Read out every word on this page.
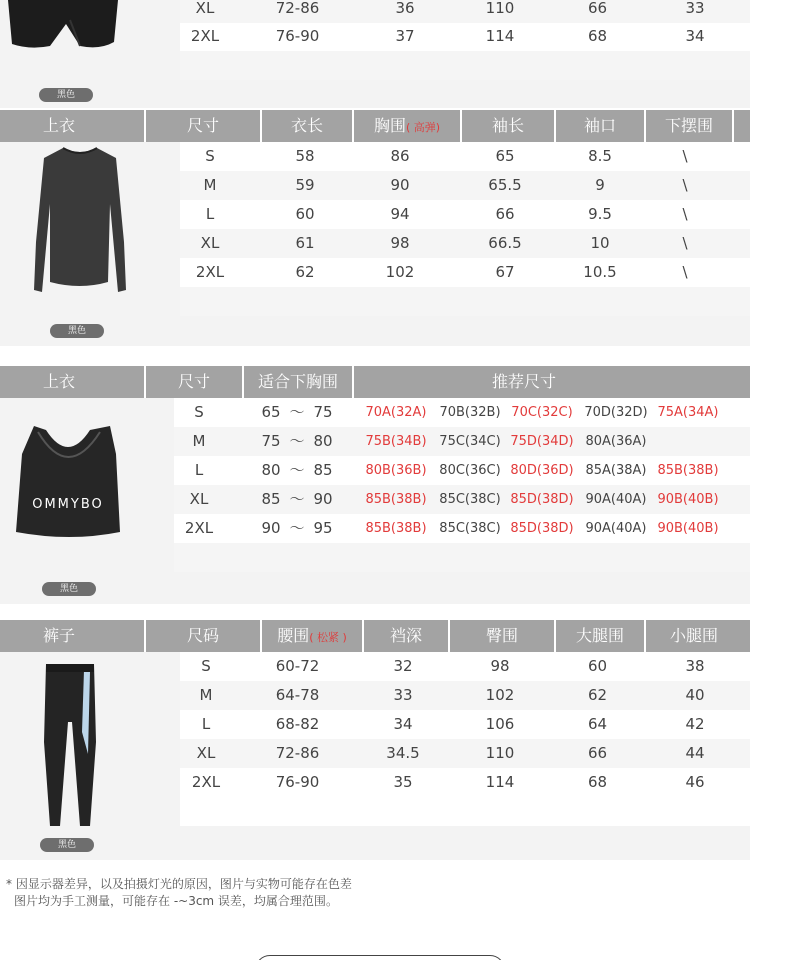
黑色
XL	72-86	36	110	66	33
2XL	76-90	37	114	68	34
上衣	尺寸	衣长	胸围( 高弹)	袖长	袖口	下摆围
黑色
S	58	86	65	8.5	\
M	59	90	65.5	9	\
L	60	94	66	9.5	\
XL	61	98	66.5	10	\
2XL	62	102	67	10.5	\
上衣	尺寸	适合下胸围	推荐尺寸
OMMYBO
黑色
S	65 ～ 75	70A(32A) 70B(32B) 70C(32C) 70D(32D) 75A(34A)
M	75 ～ 80	75B(34B) 75C(34C) 75D(34D) 80A(36A)
L	80 ～ 85	80B(36B) 80C(36C) 80D(36D) 85A(38A) 85B(38B)
XL	85 ～ 90	85B(38B) 85C(38C) 85D(38D) 90A(40A) 90B(40B)
2XL	90 ～ 95	85B(38B) 85C(38C) 85D(38D) 90A(40A) 90B(40B)
裤子	尺码	腰围( 松紧 )	裆深	臀围	大腿围	小腿围
黑色
S	60-72	32	98	60	38
M	64-78	33	102	62	40
L	68-82	34	106	64	42
XL	72-86	34.5	110	66	44
2XL	76-90	35	114	68	46
* 因显示器差异，以及拍摄灯光的原因，图片与实物可能存在色差
图片均为手工测量，可能存在 -~3cm 误差，均属合理范围。
